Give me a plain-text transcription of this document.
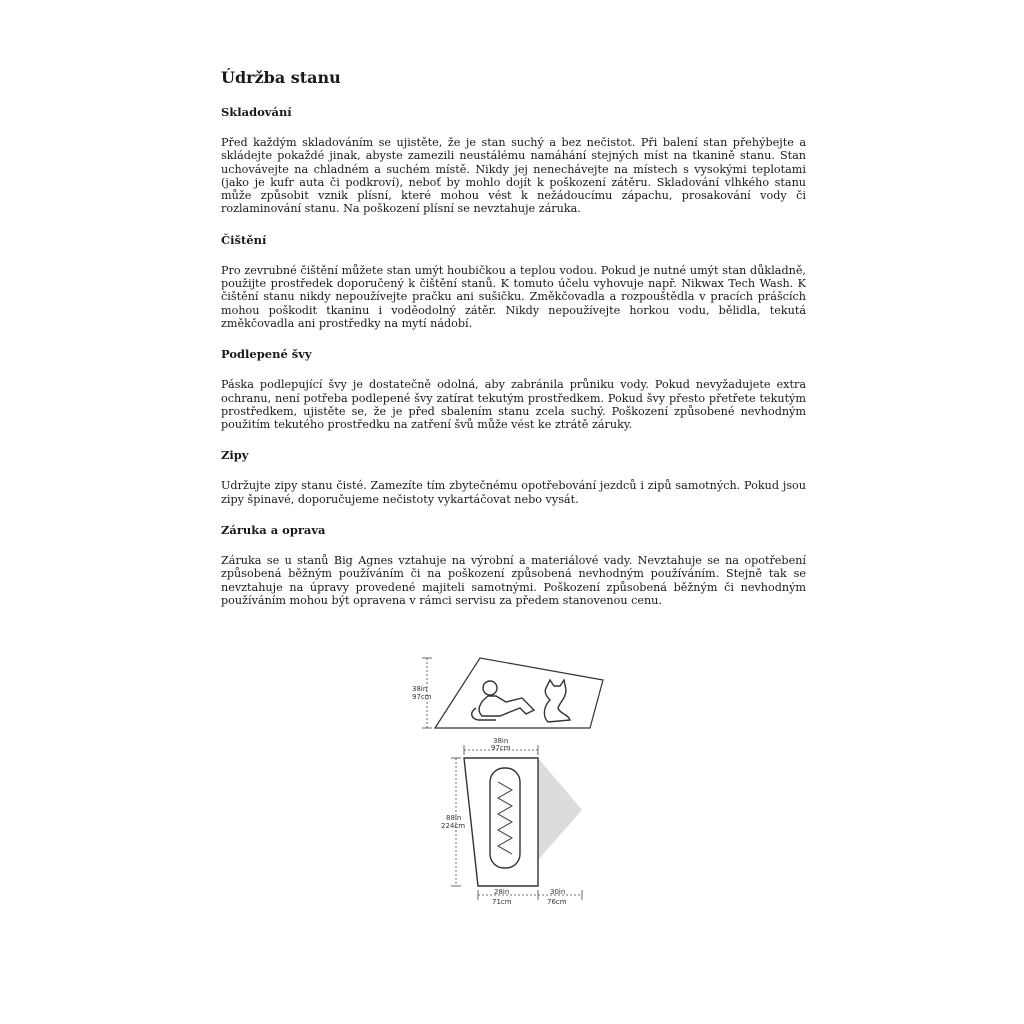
Údržba stanu
Skladování

Před každým skladováním se ujistěte, že je stan suchý a bez nečistot. Při balení stan přehýbejte a skládejte pokaždé jinak, abyste zamezili neustálému namáhání stejných míst na tkanině stanu. Stan uchovávejte na chladném a suchém místě. Nikdy jej nenechávejte na místech s vysokými teplotami (jako je kufr auta či podkroví), neboť by mohlo dojít k poškození zátěru. Skladování vlhkého stanu může způsobit vznik plísní, které mohou vést k nežádoucímu zápachu, prosakování vody či rozlaminování stanu. Na poškození plísní se nevztahuje záruka.

Čištění

Pro zevrubné čištění můžete stan umýt houbičkou a teplou vodou. Pokud je nutné umýt stan důkladně, použijte prostředek doporučený k čištění stanů. K tomuto účelu vyhovuje např. Nikwax Tech Wash. K čištění stanu nikdy nepoužívejte pračku ani sušičku. Změkčovadla a rozpouštědla v pracích prášcích mohou poškodit tkaninu i voděodolný zátěr. Nikdy nepoužívejte horkou vodu, bělidla, tekutá změkčovadla ani prostředky na mytí nádobí.

Podlepené švy

Páska podlepující švy je dostatečně odolná, aby zabránila průniku vody. Pokud nevyžadujete extra ochranu, není potřeba podlepené švy zatírat tekutým prostředkem. Pokud švy přesto přetřete tekutým prostředkem, ujistěte se, že je před sbalením stanu zcela suchý. Poškození způsobené nevhodným použitím tekutého prostředku na zatření švů může vést ke ztrátě záruky.

Zipy

Udržujte zipy stanu čisté. Zamezíte tím zbytečnému opotřebování jezdců i zipů samotných. Pokud jsou zipy špinavé, doporučujeme nečistoty vykartáčovat nebo vysát.

Záruka a oprava

Záruka se u stanů Big Agnes vztahuje na výrobní a materiálové vady. Nevztahuje se na opotřebení způsobená běžným používáním či na poškození způsobená nevhodným používáním. Stejně tak se nevztahuje na úpravy provedené majiteli samotnými. Poškození způsobená běžným či nevhodným používáním mohou být opravena v rámci servisu za předem stanovenou cenu.

38in
97cm
38in
97cm
88in
224cm
28in
71cm
30in
76cm
